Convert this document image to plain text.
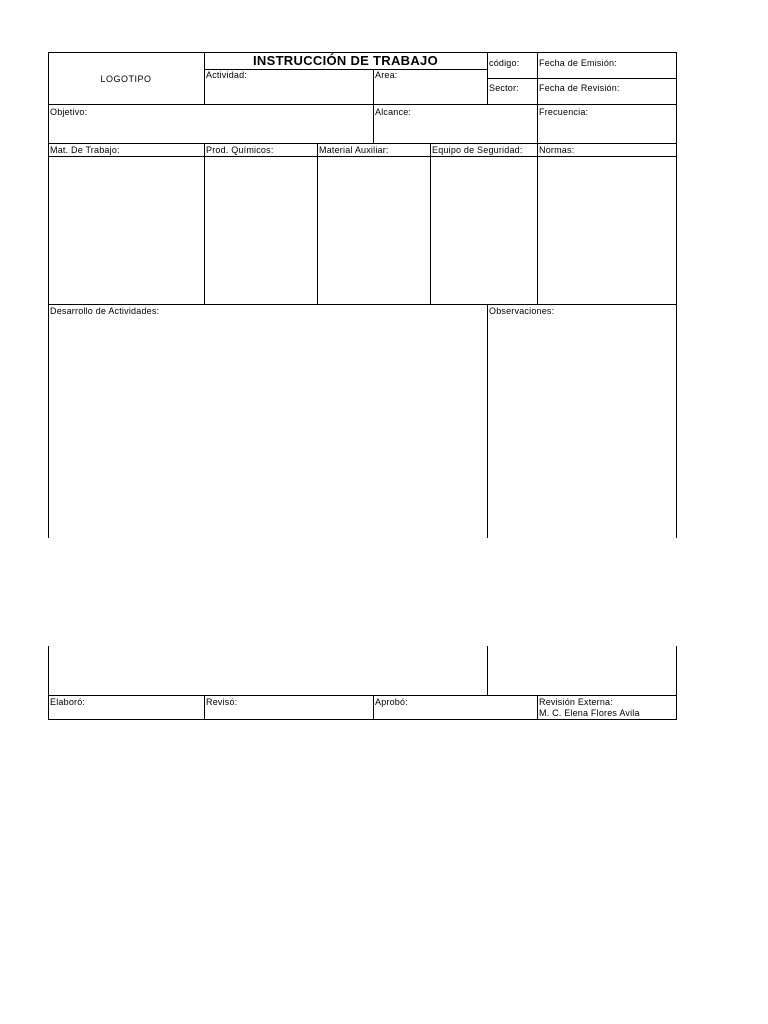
LOGOTIPO
INSTRUCCIÓN DE TRABAJO
Actividad:	Area:
código:
Sector:
Fecha de Emisión:
Fecha de Revisión:
Objetivo:	Alcance:	Frecuencia:
Mat. De Trabajo:	Prod. Químicos:	Material Auxiliar:	Equipo de Seguridad: Normas:
Desarrollo de Actividades:	Observaciones:
Elaboró:	Revisó:	Aprobó:	Revisión Externa:
M. C. Elena Flores Avila
